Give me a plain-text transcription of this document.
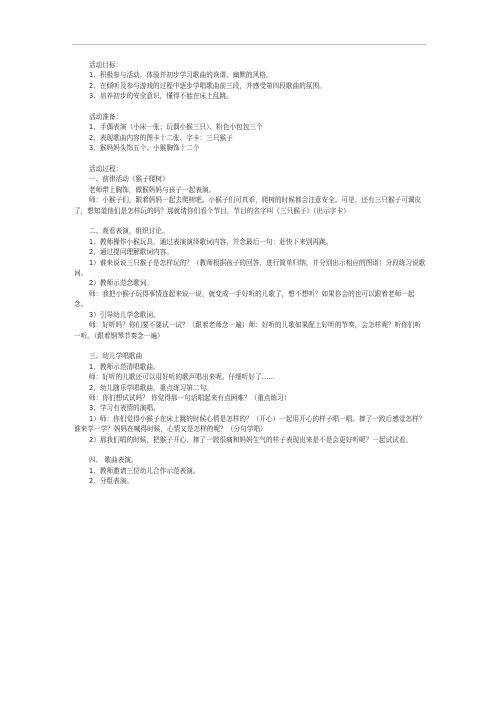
活动目标：

1、积极参与活动，体验并初步学习歌曲的诙谐、幽默的风格。

2、在倾听及参与游戏的过程中逐步学唱歌曲前三段，并感受第四段歌曲的氛围。

3、培养初步的安全意识，懂得不能在床上乱跳。

活动准备：

1、手偶表演（小床一张；玩偶小猴三只）、粉色小包包三个

2、表现歌曲内容的图卡十二张、字卡：三只猴子

3、猴妈妈头饰五个、小猴胸饰十二个

活动过程：

一、前律活动《猴子爬树》

老师带上胸饰，做猴妈妈与孩子一起表演。

师：小猴子们，跟着妈妈一起去爬树吧。小猴子们可真乖，爬树的时候都会注意安全。可是，还有三只猴子可调皮了，想知道他们是怎样玩的吗？那就请你们看个节目，节目的名字叫《三只猴子》（出示字卡）

二、观看表演，组织讨论。

1、教师操作小猴玩具，通过表演演绎歌词内容，并念最后一句：赶快下来别再跳。

2、通过提问理解歌词内容。

1）谁来说说三只猴子是怎样玩的？（教师根据孩子的回答，进行简单归纳，并分别出示相应的图谱）分段练习说歌词。

2）教师示范念歌词。

师：我把小猴子玩得事情连起来说一说，就变成一手好听的儿歌了，想不想听？如果你会的也可以跟着老师一起念。

3）引导幼儿学念歌词。

师：好听吗？你们要不要试一试？（跟着老师念一遍）师：好听的儿歌如果配上好听的节奏，会怎样呢？听你们听一听。（跟着钢琴节奏念一遍）

三、幼儿学唱歌曲

1、教师示范清唱歌曲。

师：好听的儿歌还可以用好听的歌声唱出来呢。仔细听好了……

2、幼儿随乐学唱歌曲，重点练习第二句。

师：你们想试试吗？ 你觉得那一句话唱起来有点困难？（重点练习）

3、学习有表情的演唱。

1）师：你们觉得小猴子在床上跳的时候心情是怎样的？（开心）一起用开心的样子唱一唱。摔了一跤后感觉怎样？谁来学一学？妈妈在喊得时候，心情又是怎样的呢？（分句学唱）

2）那我们唱的时候，把猴子开心、摔了一跤很痛和妈妈生气的样子表现出来是不是会更好听呢？一起试试看。

四、 歌曲表演。

1、教师邀请三位幼儿合作示范表演。

2、分组表演。
